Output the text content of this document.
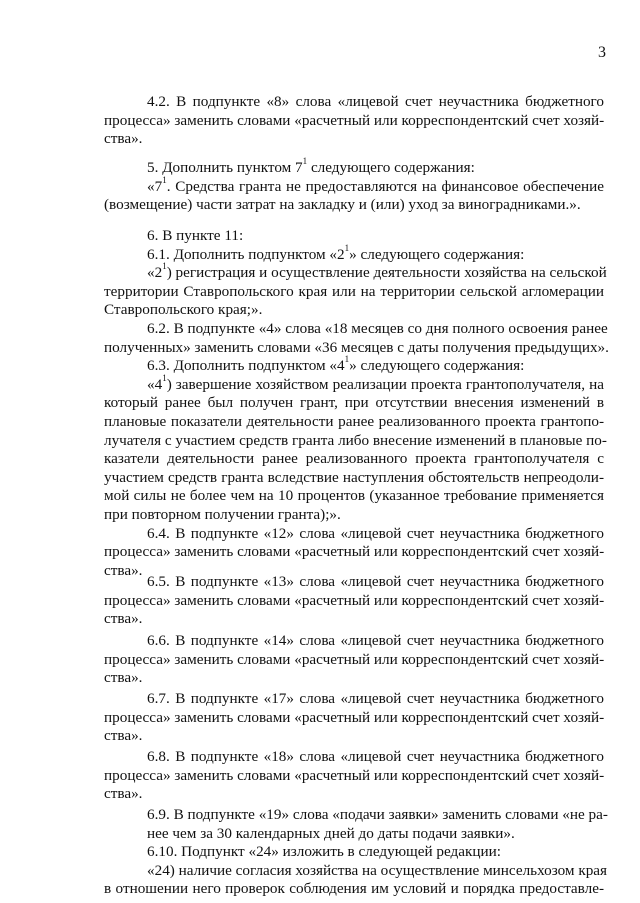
3
4.2. В подпункте «8» слова «лицевой счет неучастника бюджетного
процесса» заменить словами «расчетный или корреспондентский счет хозяй-
ства».
5. Дополнить пунктом $7^1$ следующего содержания:
«$7^1$. Средства гранта не предоставляются на финансовое обеспечение
(возмещение) части затрат на закладку и (или) уход за виноградниками.».
6. В пункте 11:
6.1. Дополнить подпунктом «$2^1$» следующего содержания:
«$2^1$) регистрация и осуществление деятельности хозяйства на сельской
территории Ставропольского края или на территории сельской агломерации
Ставропольского края;».
6.2. В подпункте «4» слова «18 месяцев со дня полного освоения ранее
полученных» заменить словами «36 месяцев с даты получения предыдущих».
6.3. Дополнить подпунктом «$4^1$» следующего содержания:
«$4^1$) завершение хозяйством реализации проекта грантополучателя, на
который ранее был получен грант, при отсутствии внесения изменений в
плановые показатели деятельности ранее реализованного проекта грантопо-
лучателя с участием средств гранта либо внесение изменений в плановые по-
казатели деятельности ранее реализованного проекта грантополучателя с
участием средств гранта вследствие наступления обстоятельств непреодоли-
мой силы не более чем на 10 процентов (указанное требование применяется
при повторном получении гранта);».
6.4. В подпункте «12» слова «лицевой счет неучастника бюджетного
процесса» заменить словами «расчетный или корреспондентский счет хозяй-
ства».
6.5. В подпункте «13» слова «лицевой счет неучастника бюджетного
процесса» заменить словами «расчетный или корреспондентский счет хозяй-
ства».
6.6. В подпункте «14» слова «лицевой счет неучастника бюджетного
процесса» заменить словами «расчетный или корреспондентский счет хозяй-
ства».
6.7. В подпункте «17» слова «лицевой счет неучастника бюджетного
процесса» заменить словами «расчетный или корреспондентский счет хозяй-
ства».
6.8. В подпункте «18» слова «лицевой счет неучастника бюджетного
процесса» заменить словами «расчетный или корреспондентский счет хозяй-
ства».
6.9. В подпункте «19» слова «подачи заявки» заменить словами «не ра-
нее чем за 30 календарных дней до даты подачи заявки».
6.10. Подпункт «24» изложить в следующей редакции:
«24) наличие согласия хозяйства на осуществление минсельхозом края
в отношении него проверок соблюдения им условий и порядка предоставле-
